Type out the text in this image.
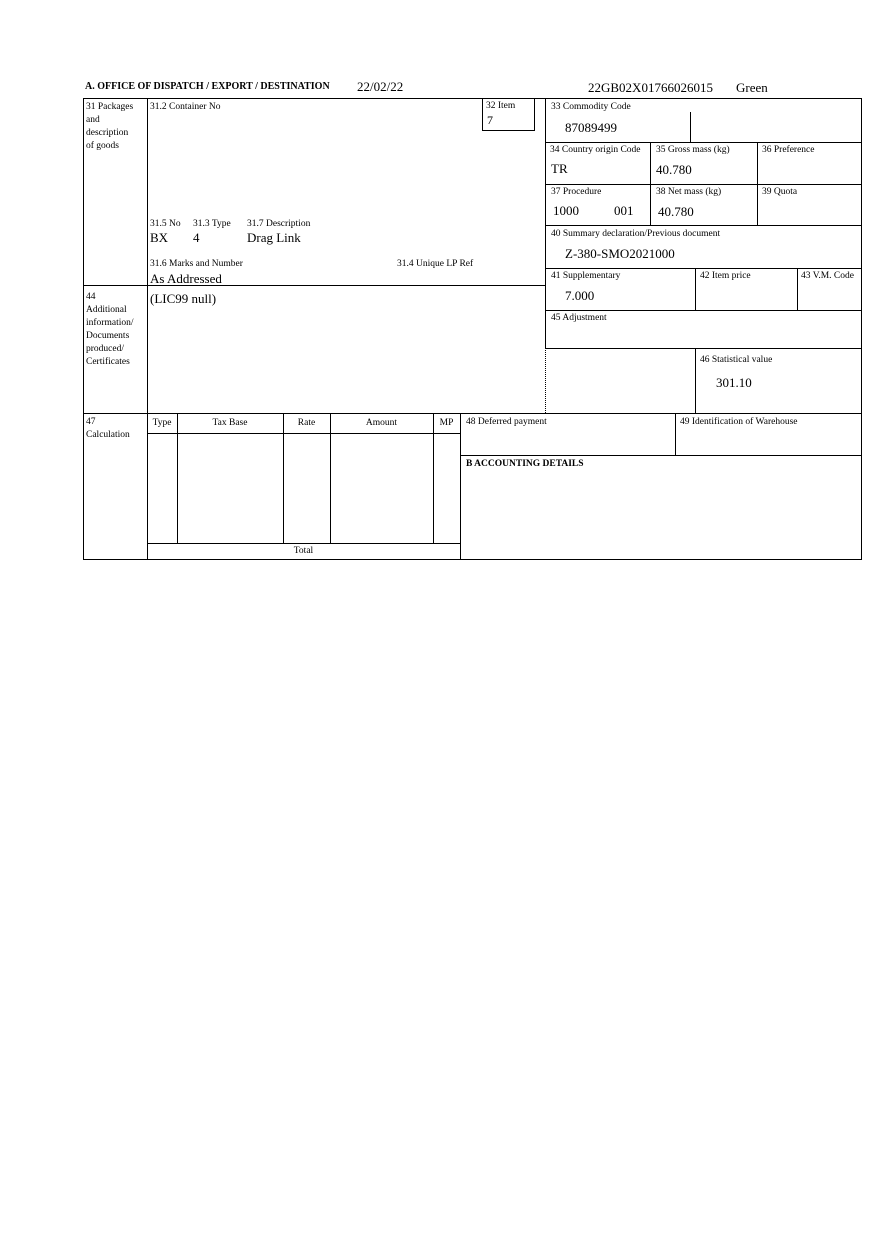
A. OFFICE OF DISPATCH / EXPORT / DESTINATION 22/02/22	22GB02X01766026015 Green
31 Packages
and
description
of goods
31.2 Container No	32 Item
7
31.5 No 31.3 Type 31.7 Description
BX 4	Drag Link
31.6 Marks and Number	31.4 Unique LP Ref
As Addressed
33 Commodity Code
87089499
34 Country origin Code
TR
35 Gross mass (kg)
40.780
36 Preference
37 Procedure
1000	001
38 Net mass (kg)
40.780
39 Quota
40 Summary declaration/Previous document
Z-380-SMO2021000
41 Supplementary
7.000
42 Item price	43 V.M. Code
44
Additional
information/
Documents
produced/
Certificates
(LIC99 null)
45 Adjustment
46 Statistical value
301.10
47
Calculation
Type	Tax Base	Rate	Amount	MP
Total
48 Deferred payment	49 Identification of Warehouse
B ACCOUNTING DETAILS
